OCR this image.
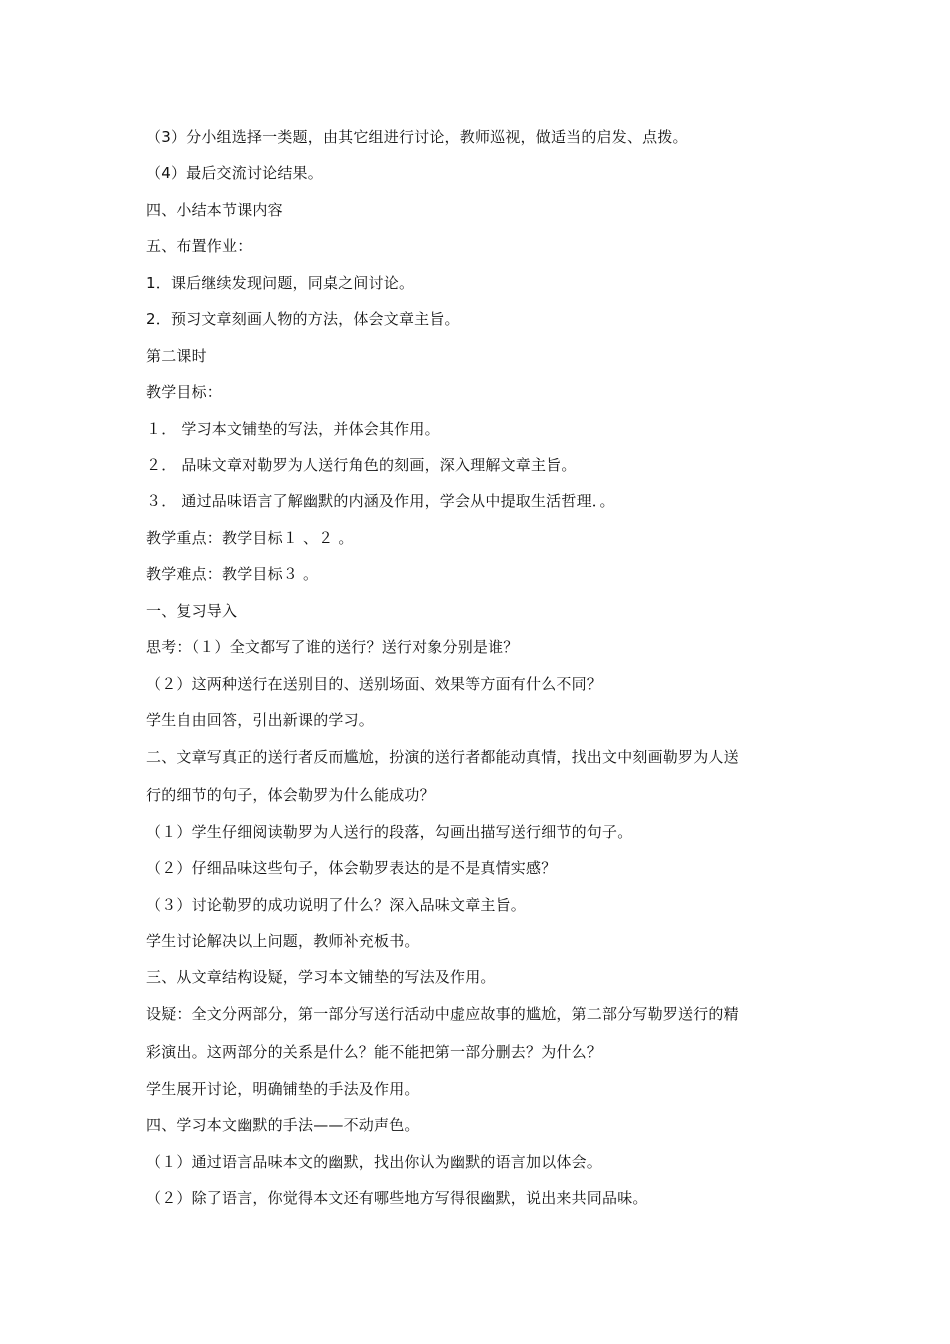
（3）分小组选择一类题，由其它组进行讨论，教师巡视，做适当的启发、点拨。
（4）最后交流讨论结果。
四、小结本节课内容
五、布置作业：
1．课后继续发现问题，同桌之间讨论。
2．预习文章刻画人物的方法，体会文章主旨。
第二课时
教学目标：
１． 学习本文铺垫的写法，并体会其作用。
２． 品味文章对勒罗为人送行角色的刻画，深入理解文章主旨。
３． 通过品味语言了解幽默的内涵及作用，学会从中提取生活哲理．。
教学重点：教学目标１ 、２ 。
教学难点：教学目标３ 。
一、复习导入
思考：（１）全文都写了谁的送行？送行对象分别是谁？
（２）这两种送行在送别目的、送别场面、效果等方面有什么不同？
学生自由回答，引出新课的学习。
二、文章写真正的送行者反而尴尬，扮演的送行者都能动真情，找出文中刻画勒罗为人送
行的细节的句子，体会勒罗为什么能成功？
（１）学生仔细阅读勒罗为人送行的段落，勾画出描写送行细节的句子。
（２）仔细品味这些句子，体会勒罗表达的是不是真情实感？
（３）讨论勒罗的成功说明了什么？深入品味文章主旨。
学生讨论解决以上问题，教师补充板书。
三、从文章结构设疑，学习本文铺垫的写法及作用。
设疑：全文分两部分，第一部分写送行活动中虚应故事的尴尬，第二部分写勒罗送行的精
彩演出。这两部分的关系是什么？能不能把第一部分删去？为什么？
学生展开讨论，明确铺垫的手法及作用。
四、学习本文幽默的手法——不动声色。
（１）通过语言品味本文的幽默，找出你认为幽默的语言加以体会。
（２）除了语言，你觉得本文还有哪些地方写得很幽默，说出来共同品味。
